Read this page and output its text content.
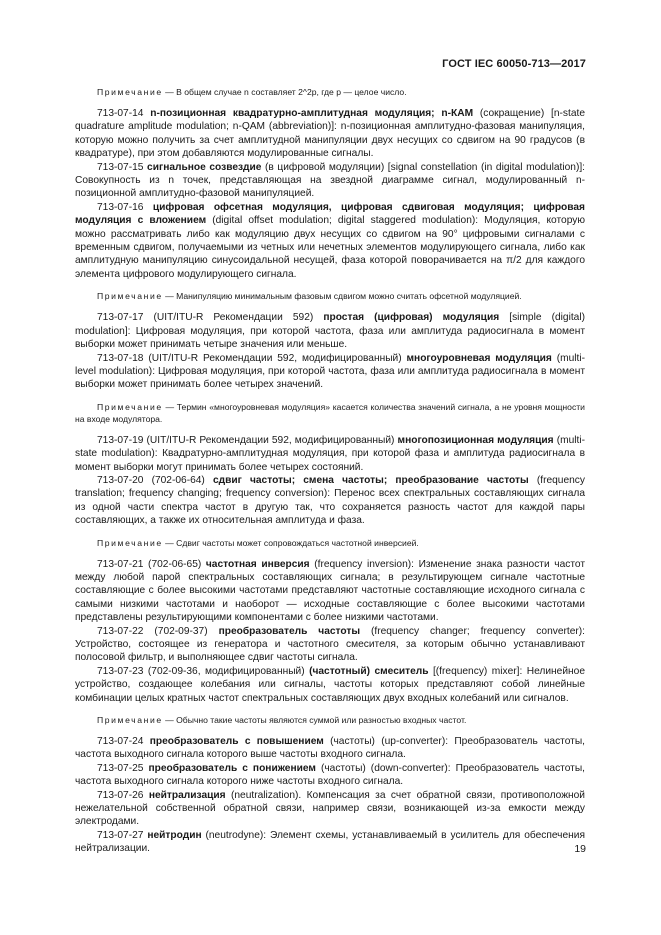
ГОСТ IEC 60050-713—2017

Примечание — В общем случае n составляет 2^2p, где p — целое число.

713-07-14 n-позиционная квадратурно-амплитудная модуляция; n-КАМ (сокращение) [n-state quadrature amplitude modulation; n-QAM (abbreviation)]: n-позиционная амплитудно-фазовая манипуляция, которую можно получить за счет амплитудной манипуляции двух несущих со сдвигом на 90 градусов (в квадратуре), при этом добавляются модулированные сигналы.

713-07-15 сигнальное созвездие (в цифровой модуляции) [signal constellation (in digital modulation)]: Совокупность из n точек, представляющая на звездной диаграмме сигнал, модулированный n-позиционной амплитудно-фазовой манипуляцией.

713-07-16 цифровая офсетная модуляция, цифровая сдвиговая модуляция; цифровая модуляция с вложением (digital offset modulation; digital staggered modulation): Модуляция, которую можно рассматривать либо как модуляцию двух несущих со сдвигом на 90° цифровыми сигналами с временным сдвигом, получаемыми из четных или нечетных элементов модулирующего сигнала, либо как амплитудную манипуляцию синусоидальной несущей, фаза которой поворачивается на π/2 для каждого элемента цифрового модулирующего сигнала.

Примечание — Манипуляцию минимальным фазовым сдвигом можно считать офсетной модуляцией.

713-07-17 (UIT/ITU-R Рекомендации 592) простая (цифровая) модуляция [simple (digital) modulation]: Цифровая модуляция, при которой частота, фаза или амплитуда радиосигнала в момент выборки может принимать четыре значения или меньше.

713-07-18 (UIT/ITU-R Рекомендации 592, модифицированный) многоуровневая модуляция (multi-level modulation): Цифровая модуляция, при которой частота, фаза или амплитуда радиосигнала в момент выборки может принимать более четырех значений.

Примечание — Термин «многоуровневая модуляция» касается количества значений сигнала, а не уровня мощности на входе модулятора.

713-07-19 (UIT/ITU-R Рекомендации 592, модифицированный) многопозиционная модуляция (multi-state modulation): Квадратурно-амплитудная модуляция, при которой фаза и амплитуда радиосигнала в момент выборки могут принимать более четырех состояний.

713-07-20 (702-06-64) сдвиг частоты; смена частоты; преобразование частоты (frequency translation; frequency changing; frequency conversion): Перенос всех спектральных составляющих сигнала из одной части спектра частот в другую так, что сохраняется разность частот для каждой пары составляющих, а также их относительная амплитуда и фаза.

Примечание — Сдвиг частоты может сопровождаться частотной инверсией.

713-07-21 (702-06-65) частотная инверсия (frequency inversion): Изменение знака разности частот между любой парой спектральных составляющих сигнала; в результирующем сигнале частотные составляющие с более высокими частотами представляют частотные составляющие исходного сигнала с самыми низкими частотами и наоборот — исходные составляющие с более высокими частотами представлены результирующими компонентами с более низкими частотами.

713-07-22 (702-09-37) преобразователь частоты (frequency changer; frequency converter): Устройство, состоящее из генератора и частотного смесителя, за которым обычно устанавливают полосовой фильтр, и выполняющее сдвиг частоты сигнала.

713-07-23 (702-09-36, модифицированный) (частотный) смеситель [(frequency) mixer]: Нелинейное устройство, создающее колебания или сигналы, частоты которых представляют собой линейные комбинации целых кратных частот спектральных составляющих двух входных колебаний или сигналов.

Примечание — Обычно такие частоты являются суммой или разностью входных частот.

713-07-24 преобразователь с повышением (частоты) (up-converter): Преобразователь частоты, частота выходного сигнала которого выше частоты входного сигнала.

713-07-25 преобразователь с понижением (частоты) (down-converter): Преобразователь частоты, частота выходного сигнала которого ниже частоты входного сигнала.

713-07-26 нейтрализация (neutralization). Компенсация за счет обратной связи, противоположной нежелательной собственной обратной связи, например связи, возникающей из-за емкости между электродами.

713-07-27 нейтродин (neutrodyne): Элемент схемы, устанавливаемый в усилитель для обеспечения нейтрализации.	19
